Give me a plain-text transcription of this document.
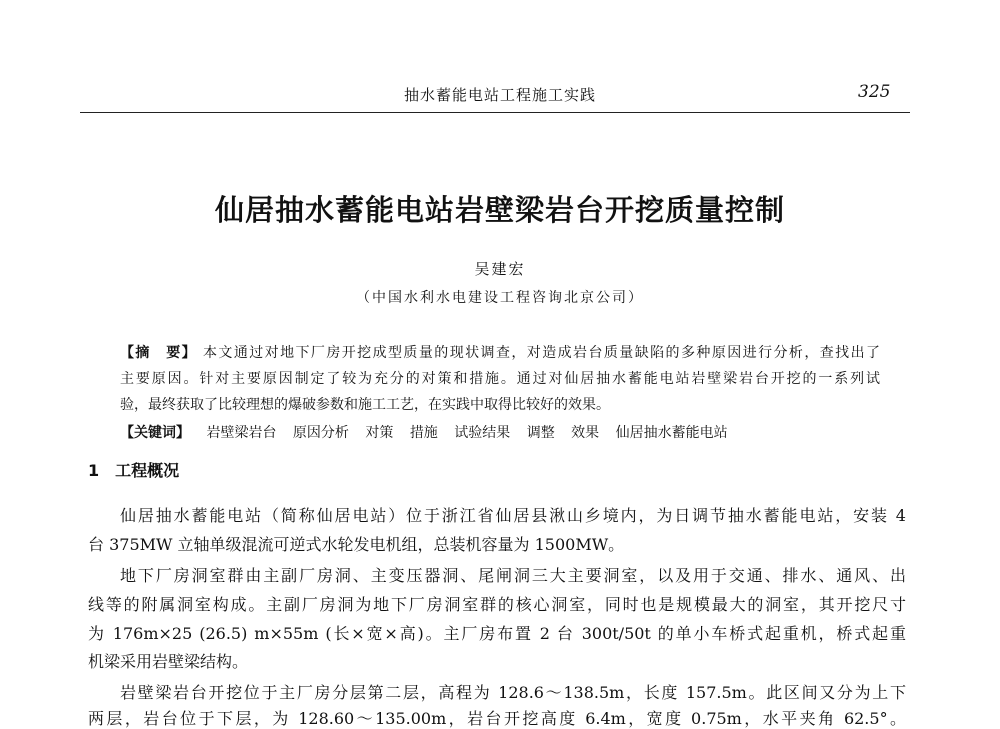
抽水蓄能电站工程施工实践	325
仙居抽水蓄能电站岩壁梁岩台开挖质量控制
吴建宏
（中国水利水电建设工程咨询北京公司）
【摘　要】 本文通过对地下厂房开挖成型质量的现状调查，对造成岩台质量缺陷的多种原因进行分析，查找出了
主要原因。针对主要原因制定了较为充分的对策和措施。通过对仙居抽水蓄能电站岩壁梁岩台开挖的一系列试
验，最终获取了比较理想的爆破参数和施工工艺，在实践中取得比较好的效果。
【关键词】 岩壁梁岩台 原因分析 对策 措施 试验结果 调整 效果 仙居抽水蓄能电站
1　工程概况
仙居抽水蓄能电站（简称仙居电站）位于浙江省仙居县湫山乡境内，为日调节抽水蓄能电站，安装 4
台 375MW 立轴单级混流可逆式水轮发电机组，总装机容量为 1500MW。
地下厂房洞室群由主副厂房洞、主变压器洞、尾闸洞三大主要洞室，以及用于交通、排水、通风、出
线等的附属洞室构成。主副厂房洞为地下厂房洞室群的核心洞室，同时也是规模最大的洞室，其开挖尺寸
为 176m×25 (26.5) m×55m (长×宽×高)。主厂房布置 2 台 300t/50t 的单小车桥式起重机，桥式起重
机梁采用岩壁梁结构。
岩壁梁岩台开挖位于主厂房分层第二层，高程为 128.6～138.5m，长度 157.5m。此区间又分为上下
两层，岩台位于下层，为 128.60～135.00m，岩台开挖高度 6.4m，宽度 0.75m，水平夹角 62.5°。
